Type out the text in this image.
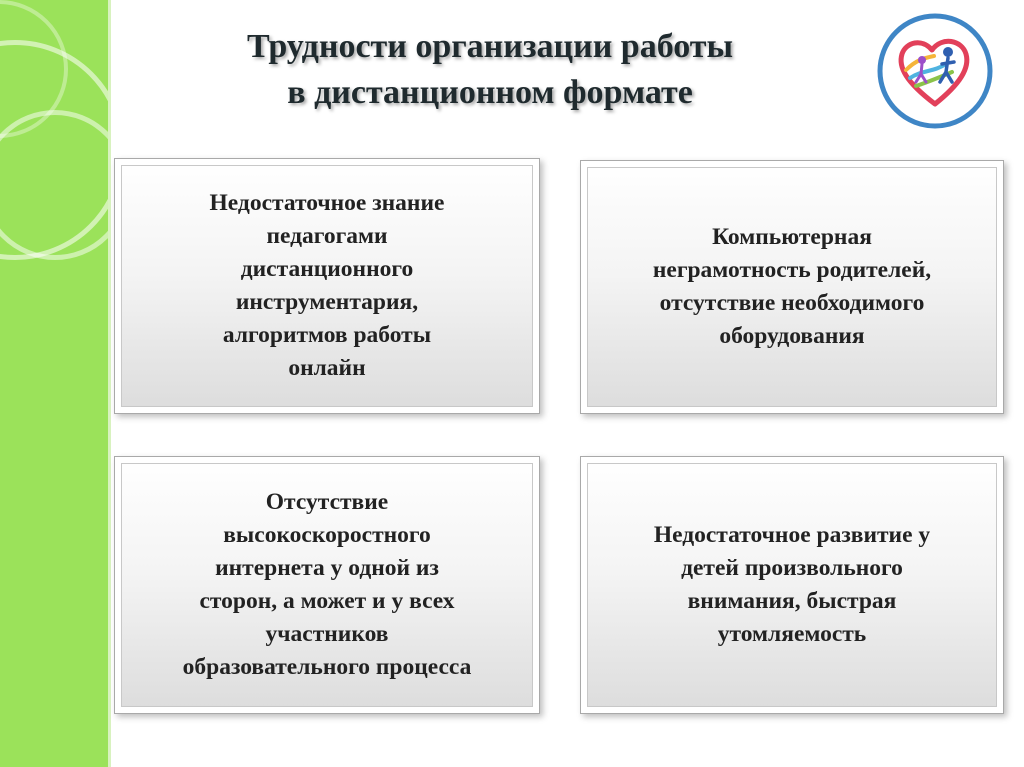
Трудности организации работы
в дистанционном формате
Недостаточное знание
педагогами
дистанционного
инструментария,
алгоритмов работы
онлайн
Компьютерная
неграмотность родителей,
отсутствие необходимого
оборудования
Отсутствие
высокоскоростного
интернета у одной из
сторон, а может и у всех
участников
образовательного процесса
Недостаточное развитие у
детей произвольного
внимания, быстрая
утомляемость
